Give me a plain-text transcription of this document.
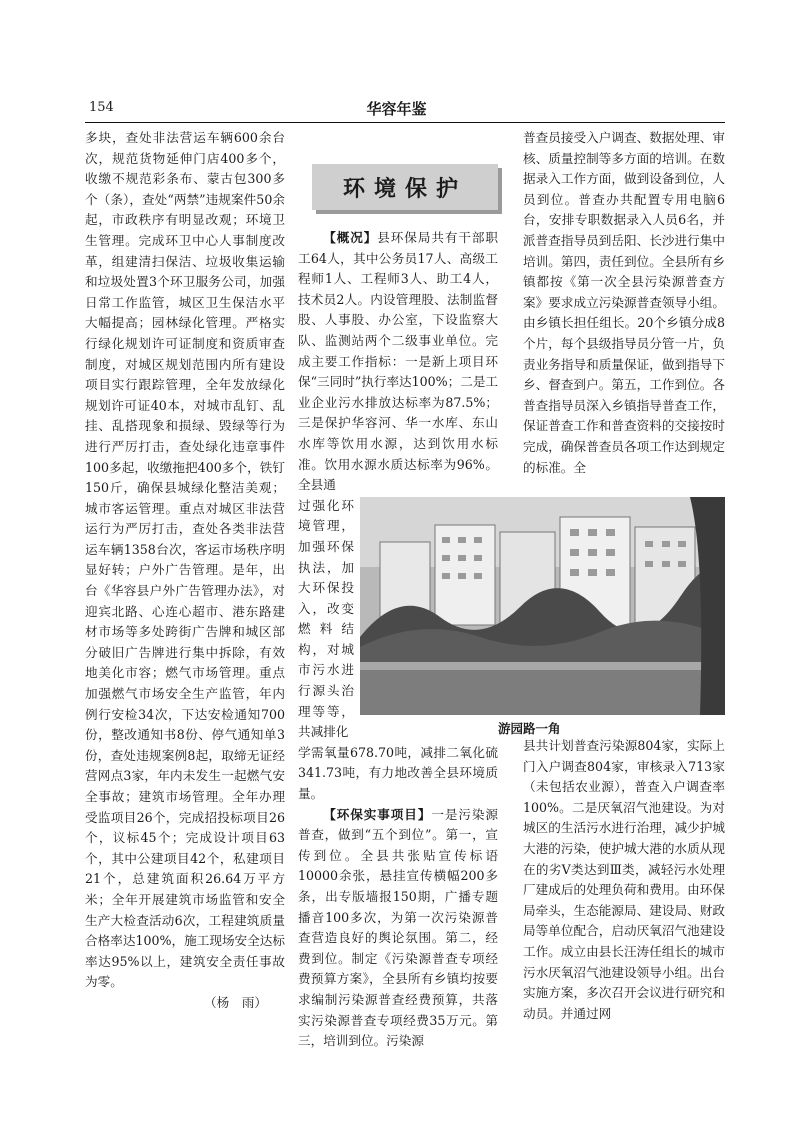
154	华容年鉴

多块，查处非法营运车辆600余台次，规范货物延伸门店400多个，收缴不规范彩条布、蒙古包300多个（条），查处“两禁”违规案件50余起，市政秩序有明显改观；环境卫生管理。完成环卫中心人事制度改革，组建清扫保洁、垃圾收集运输和垃圾处置3个环卫服务公司，加强日常工作监管，城区卫生保洁水平大幅提高；园林绿化管理。严格实行绿化规划许可证制度和资质审查制度，对城区规划范围内所有建设项目实行跟踪管理，全年发放绿化规划许可证40本，对城市乱钉、乱挂、乱搭现象和损绿、毁绿等行为进行严厉打击，查处绿化违章事件100多起，收缴拖把400多个，铁钉150斤，确保县城绿化整洁美观；城市客运管理。重点对城区非法营运行为严厉打击，查处各类非法营运车辆1358台次，客运市场秩序明显好转；户外广告管理。是年，出台《华容县户外广告管理办法》，对迎宾北路、心连心超市、港东路建材市场等多处跨街广告牌和城区部分破旧广告牌进行集中拆除，有效地美化市容；燃气市场管理。重点加强燃气市场安全生产监管，年内例行安检34次，下达安检通知700份，整改通知书8份、停气通知单3份，查处违规案例8起，取缔无证经营网点3家，年内未发生一起燃气安全事故；建筑市场管理。全年办理受监项目26个，完成招投标项目26个，议标45个；完成设计项目63个，其中公建项目42个，私建项目21个，总建筑面积26.64万平方米；全年开展建筑市场监管和安全生产大检查活动6次，工程建筑质量合格率达100%，施工现场安全达标率达95%以上，建筑安全责任事故为零。

（杨　雨）

环境保护

【概况】县环保局共有干部职工64人，其中公务员17人、高级工程师1人、工程师3人、助工4人，技术员2人。内设管理股、法制监督股、人事股、办公室，下设监察大队、监测站两个二级事业单位。完成主要工作指标：一是新上项目环保“三同时”执行率达100%；二是工业企业污水排放达标率为87.5%；三是保护华容河、华一水库、东山水库等饮用水源，达到饮用水标准。饮用水源水质达标率为96%。全县通

过强化环境管理，加强环保执法，加大环保投入，改变燃料结构，对城市污水进行源头治理等等，共减排化

学需氧量678.70吨，减排二氧化硫341.73吨，有力地改善全县环境质量。

【环保实事项目】一是污染源普查，做到“五个到位”。第一，宣传到位。全县共张贴宣传标语10000余张，悬挂宣传横幅200多条，出专版墙报150期，广播专题播音100多次，为第一次污染源普查营造良好的舆论氛围。第二，经费到位。制定《污染源普查专项经费预算方案》，全县所有乡镇均按要求编制污染源普查经费预算，共落实污染源普查专项经费35万元。第三，培训到位。污染源

游园路一角

普查员接受入户调查、数据处理、审核、质量控制等多方面的培训。在数据录入工作方面，做到设备到位，人员到位。普查办共配置专用电脑6台，安排专职数据录入人员6名，并派普查指导员到岳阳、长沙进行集中培训。第四，责任到位。全县所有乡镇都按《第一次全县污染源普查方案》要求成立污染源普查领导小组。由乡镇长担任组长。20个乡镇分成8个片，每个县级指导员分管一片，负责业务指导和质量保证，做到指导下乡、督查到户。第五，工作到位。各普查指导员深入乡镇指导普查工作，保证普查工作和普查资料的交接按时完成，确保普查员各项工作达到规定的标准。全

县共计划普查污染源804家，实际上门入户调查804家，审核录入713家（未包括农业源），普查入户调查率100%。二是厌氧沼气池建设。为对城区的生活污水进行治理，减少护城大港的污染，使护城大港的水质从现在的劣Ⅴ类达到Ⅲ类，减轻污水处理厂建成后的处理负荷和费用。由环保局牵头，生态能源局、建设局、财政局等单位配合，启动厌氧沼气池建设工作。成立由县长汪涛任组长的城市污水厌氧沼气池建设领导小组。出台实施方案，多次召开会议进行研究和动员。并通过网
